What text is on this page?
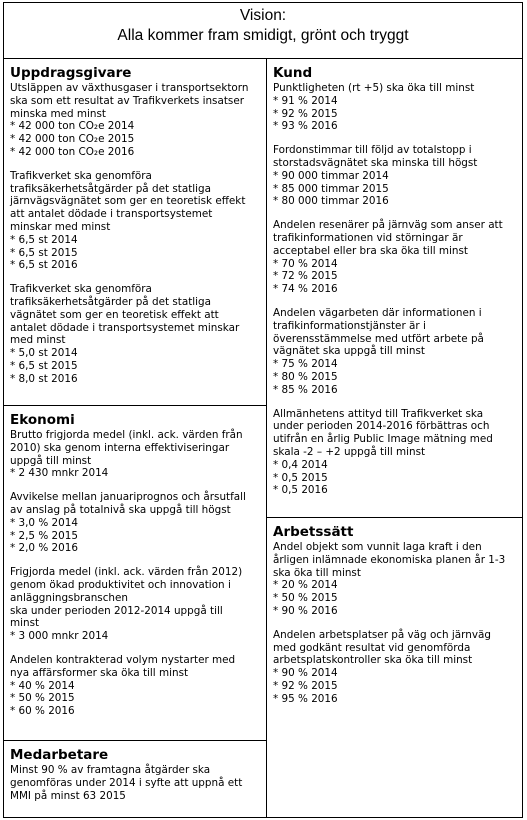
Vision:
Alla kommer fram smidigt, grönt och tryggt
Uppdragsgivare
Utsläppen av växthusgaser i transportsektorn
ska som ett resultat av Trafikverkets insatser
minska med minst
* 42 000 ton CO₂e 2014
* 42 000 ton CO₂e 2015
* 42 000 ton CO₂e 2016
Trafikverket ska genomföra
trafiksäkerhetsåtgärder på det statliga
järnvägsvägnätet som ger en teoretisk effekt
att antalet dödade i transportsystemet
minskar med minst
* 6,5 st 2014
* 6,5 st 2015
* 6,5 st 2016
Trafikverket ska genomföra
trafiksäkerhetsåtgärder på det statliga
vägnätet som ger en teoretisk effekt att
antalet dödade i transportsystemet minskar
med minst
* 5,0 st 2014
* 6,5 st 2015
* 8,0 st 2016
Ekonomi
Brutto frigjorda medel (inkl. ack. värden från
2010) ska genom interna effektiviseringar
uppgå till minst
* 2 430 mnkr 2014
Avvikelse mellan januariprognos och årsutfall
av anslag på totalnivå ska uppgå till högst
* 3,0 % 2014
* 2,5 % 2015
* 2,0 % 2016
Frigjorda medel (inkl. ack. värden från 2012)
genom ökad produktivitet och innovation i
anläggningsbranschen
ska under perioden 2012-2014 uppgå till
minst
* 3 000 mnkr 2014
Andelen kontrakterad volym nystarter med
nya affärsformer ska öka till minst
* 40 % 2014
* 50 % 2015
* 60 % 2016
Medarbetare
Minst 90 % av framtagna åtgärder ska
genomföras under 2014 i syfte att uppnå ett
MMI på minst 63 2015
Kund
Punktligheten (rt +5) ska öka till minst
* 91 % 2014
* 92 % 2015
* 93 % 2016
Fordonstimmar till följd av totalstopp i
storstadsvägnätet ska minska till högst
* 90 000 timmar 2014
* 85 000 timmar 2015
* 80 000 timmar 2016
Andelen resenärer på järnväg som anser att
trafikinformationen vid störningar är
acceptabel eller bra ska öka till minst
* 70 % 2014
* 72 % 2015
* 74 % 2016
Andelen vägarbeten där informationen i
trafikinformationstjänster är i
överensstämmelse med utfört arbete på
vägnätet ska uppgå till minst
* 75 % 2014
* 80 % 2015
* 85 % 2016
Allmänhetens attityd till Trafikverket ska
under perioden 2014-2016 förbättras och
utifrån en årlig Public Image mätning med
skala -2 – +2 uppgå till minst
* 0,4 2014
* 0,5 2015
* 0,5 2016
Arbetssätt
Andel objekt som vunnit laga kraft i den
årligen inlämnade ekonomiska planen år 1-3
ska öka till minst
* 20 % 2014
* 50 % 2015
* 90 % 2016
Andelen arbetsplatser på väg och järnväg
med godkänt resultat vid genomförda
arbetsplatskontroller ska öka till minst
* 90 % 2014
* 92 % 2015
* 95 % 2016
